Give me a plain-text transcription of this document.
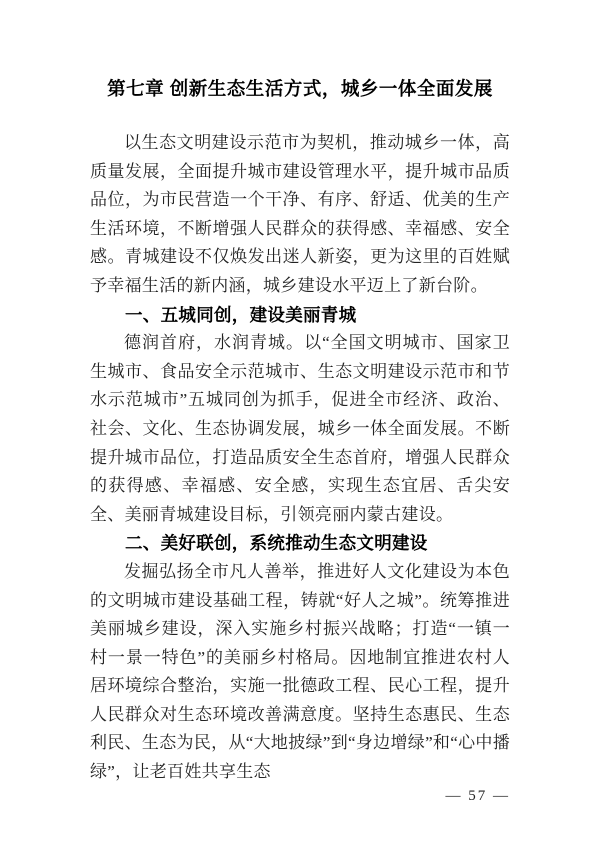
第七章 创新生态生活方式，城乡一体全面发展

以生态文明建设示范市为契机，推动城乡一体，高质量发展，全面提升城市建设管理水平，提升城市品质品位，为市民营造一个干净、有序、舒适、优美的生产生活环境，不断增强人民群众的获得感、幸福感、安全感。青城建设不仅焕发出迷人新姿，更为这里的百姓赋予幸福生活的新内涵，城乡建设水平迈上了新台阶。

一、五城同创，建设美丽青城

德润首府，水润青城。以“全国文明城市、国家卫生城市、食品安全示范城市、生态文明建设示范市和节水示范城市”五城同创为抓手，促进全市经济、政治、社会、文化、生态协调发展，城乡一体全面发展。不断提升城市品位，打造品质安全生态首府，增强人民群众的获得感、幸福感、安全感，实现生态宜居、舌尖安全、美丽青城建设目标，引领亮丽内蒙古建设。

二、美好联创，系统推动生态文明建设

发掘弘扬全市凡人善举，推进好人文化建设为本色的文明城市建设基础工程，铸就“好人之城”。统筹推进美丽城乡建设，深入实施乡村振兴战略；打造“一镇一村一景一特色”的美丽乡村格局。因地制宜推进农村人居环境综合整治，实施一批德政工程、民心工程，提升人民群众对生态环境改善满意度。坚持生态惠民、生态利民、生态为民，从“大地披绿”到“身边增绿”和“心中播绿”，让老百姓共享生态

— 57 —
